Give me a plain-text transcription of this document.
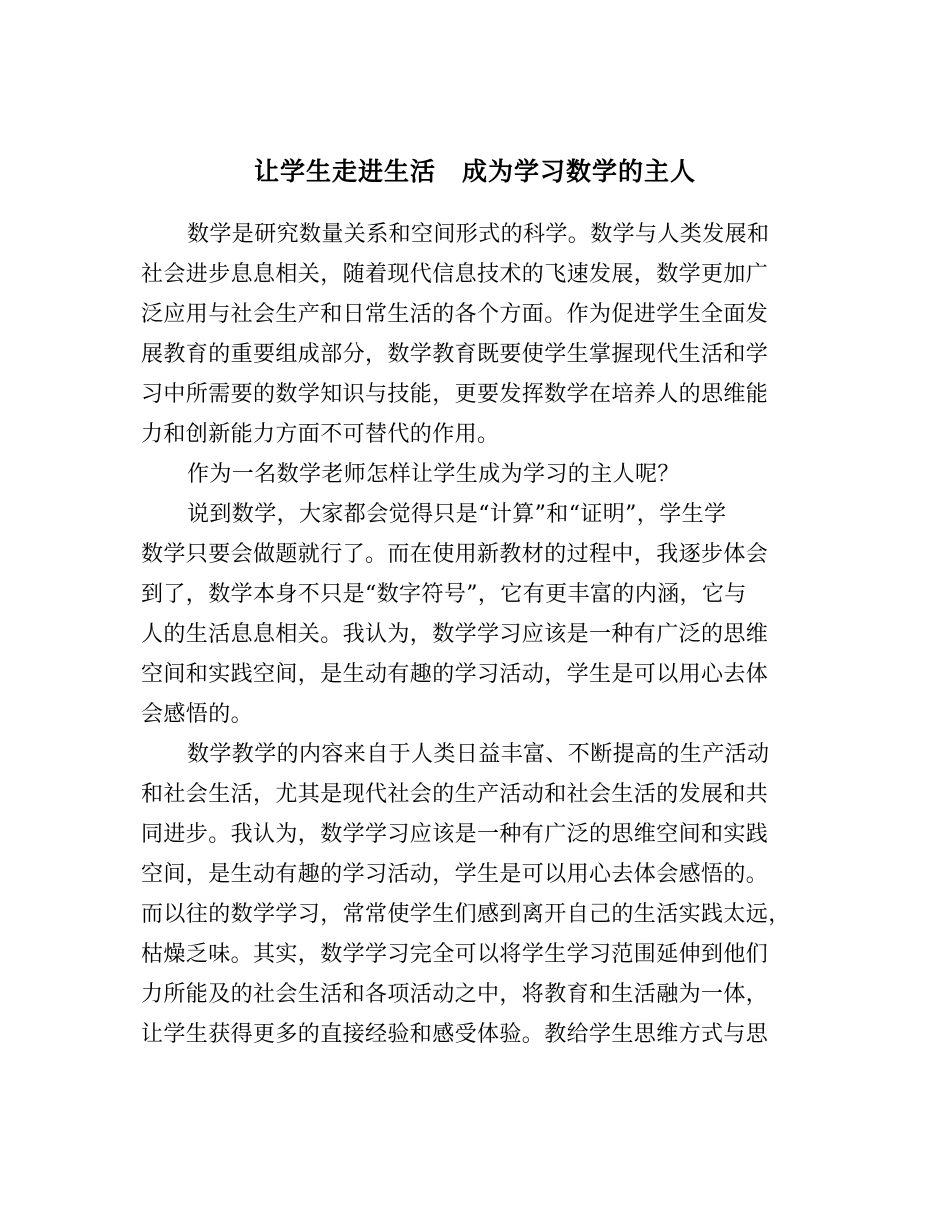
让学生走进生活　成为学习数学的主人

数学是研究数量关系和空间形式的科学。数学与人类发展和
社会进步息息相关，随着现代信息技术的飞速发展，数学更加广
泛应用与社会生产和日常生活的各个方面。作为促进学生全面发
展教育的重要组成部分，数学教育既要使学生掌握现代生活和学
习中所需要的数学知识与技能，更要发挥数学在培养人的思维能
力和创新能力方面不可替代的作用。

作为一名数学老师怎样让学生成为学习的主人呢？

说到数学，大家都会觉得只是“计算”和“证明”，学生学
数学只要会做题就行了。而在使用新教材的过程中，我逐步体会
到了，数学本身不只是“数字符号”，它有更丰富的内涵，它与
人的生活息息相关。我认为，数学学习应该是一种有广泛的思维
空间和实践空间，是生动有趣的学习活动，学生是可以用心去体
会感悟的。

数学教学的内容来自于人类日益丰富、不断提高的生产活动
和社会生活，尤其是现代社会的生产活动和社会生活的发展和共
同进步。我认为，数学学习应该是一种有广泛的思维空间和实践
空间，是生动有趣的学习活动，学生是可以用心去体会感悟的。
而以往的数学学习，常常使学生们感到离开自己的生活实践太远，
枯燥乏味。其实，数学学习完全可以将学生学习范围延伸到他们
力所能及的社会生活和各项活动之中，将教育和生活融为一体，
让学生获得更多的直接经验和感受体验。教给学生思维方式与思
